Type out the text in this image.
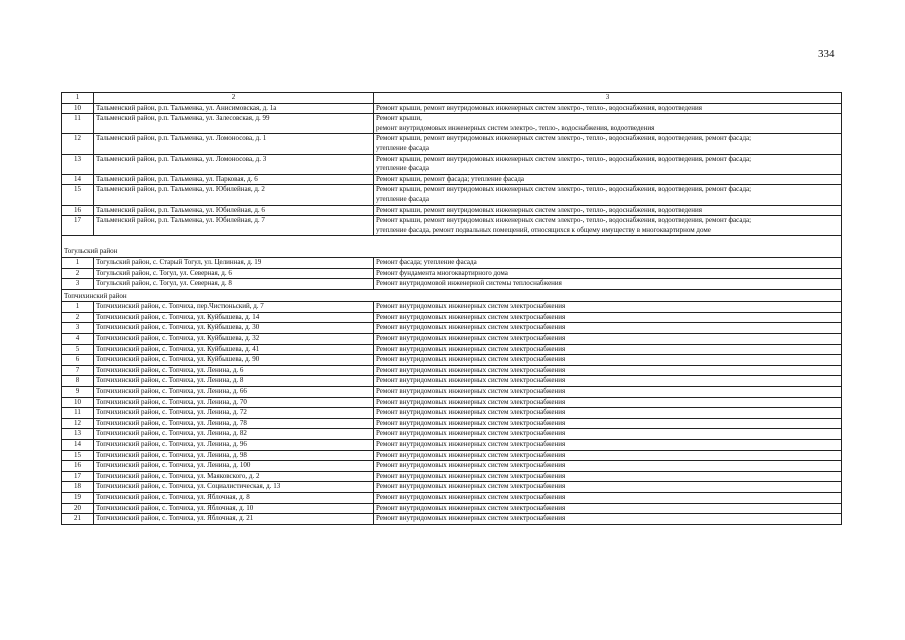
334
1	2	3
10	Тальменский район, р.п. Тальменка, ул. Анисимовская, д. 1а	Ремонт крыши, ремонт внутридомовых инженерных систем электро-, тепло-, водоснабжения, водоотведения

11	Тальменский район, р.п. Тальменка, ул. Залесовская, д. 99	Ремонт крыши,
ремонт внутридомовых инженерных систем электро-, тепло-, водоснабжения, водоотведения

12	Тальменский район, р.п. Тальменка, ул. Ломоносова, д. 1	Ремонт крыши, ремонт внутридомовых инженерных систем электро-, тепло-, водоснабжения, водоотведения, ремонт фасада;
утепление фасада

13	Тальменский район, р.п. Тальменка, ул. Ломоносова, д. 3	Ремонт крыши, ремонт внутридомовых инженерных систем электро-, тепло-, водоснабжения, водоотведения, ремонт фасада;
утепление фасада

14	Тальменский район, р.п. Тальменка, ул. Парковая, д. 6	Ремонт крыши, ремонт фасада; утепление фасада

15	Тальменский район, р.п. Тальменка, ул. Юбилейная, д. 2	Ремонт крыши, ремонт внутридомовых инженерных систем электро-, тепло-, водоснабжения, водоотведения, ремонт фасада;
утепление фасада

16	Тальменский район, р.п. Тальменка, ул. Юбилейная, д. 6	Ремонт крыши, ремонт внутридомовых инженерных систем электро-, тепло-, водоснабжения, водоотведения

17	Тальменский район, р.п. Тальменка, ул. Юбилейная, д. 7	Ремонт крыши, ремонт внутридомовых инженерных систем электро-, тепло-, водоснабжения, водоотведения, ремонт фасада;
утепление фасада, ремонт подвальных помещений, относящихся к общему имуществу в многоквартирном доме

Тогульский район		
1	Тогульский район, с. Старый Тогул, ул. Целинная, д. 19	Ремонт фасада; утепление фасада
2	Тогульский район, с. Тогул, ул. Северная, д. 6	Ремонт фундамента многоквартирного дома
3	Тогульский район, с. Тогул, ул. Северная, д. 8	Ремонт внутридомовой инженерной системы теплоснабжения
Топчихинский район		
1	Топчихинский район, с. Топчиха, пер.Чистюньский, д. 7	Ремонт внутридомовых инженерных систем электроснабжения
2	Топчихинский район, с. Топчиха, ул. Куйбышева, д. 14	Ремонт внутридомовых инженерных систем электроснабжения
3	Топчихинский район, с. Топчиха, ул. Куйбышева, д. 30	Ремонт внутридомовых инженерных систем электроснабжения
4	Топчихинский район, с. Топчиха, ул. Куйбышева, д. 32	Ремонт внутридомовых инженерных систем электроснабжения
5	Топчихинский район, с. Топчиха, ул. Куйбышева, д. 41	Ремонт внутридомовых инженерных систем электроснабжения
6	Топчихинский район, с. Топчиха, ул. Куйбышева, д. 90	Ремонт внутридомовых инженерных систем электроснабжения
7	Топчихинский район, с. Топчиха, ул. Ленина, д. 6	Ремонт внутридомовых инженерных систем электроснабжения
8	Топчихинский район, с. Топчиха, ул. Ленина, д. 8	Ремонт внутридомовых инженерных систем электроснабжения
9	Топчихинский район, с. Топчиха, ул. Ленина, д. 66	Ремонт внутридомовых инженерных систем электроснабжения
10	Топчихинский район, с. Топчиха, ул. Ленина, д. 70	Ремонт внутридомовых инженерных систем электроснабжения
11	Топчихинский район, с. Топчиха, ул. Ленина, д. 72	Ремонт внутридомовых инженерных систем электроснабжения
12	Топчихинский район, с. Топчиха, ул. Ленина, д. 78	Ремонт внутридомовых инженерных систем электроснабжения
13	Топчихинский район, с. Топчиха, ул. Ленина, д. 82	Ремонт внутридомовых инженерных систем электроснабжения
14	Топчихинский район, с. Топчиха, ул. Ленина, д. 96	Ремонт внутридомовых инженерных систем электроснабжения
15	Топчихинский район, с. Топчиха, ул. Ленина, д. 98	Ремонт внутридомовых инженерных систем электроснабжения
16	Топчихинский район, с. Топчиха, ул. Ленина, д. 100	Ремонт внутридомовых инженерных систем электроснабжения
17	Топчихинский район, с. Топчиха, ул. Маяковского, д. 2	Ремонт внутридомовых инженерных систем электроснабжения
18	Топчихинский район, с. Топчиха, ул. Социалистическая, д. 13	Ремонт внутридомовых инженерных систем электроснабжения
19	Топчихинский район, с. Топчиха, ул. Яблочная, д. 8	Ремонт внутридомовых инженерных систем электроснабжения
20	Топчихинский район, с. Топчиха, ул. Яблочная, д. 10	Ремонт внутридомовых инженерных систем электроснабжения
21	Топчихинский район, с. Топчиха, ул. Яблочная, д. 21	Ремонт внутридомовых инженерных систем электроснабжения
